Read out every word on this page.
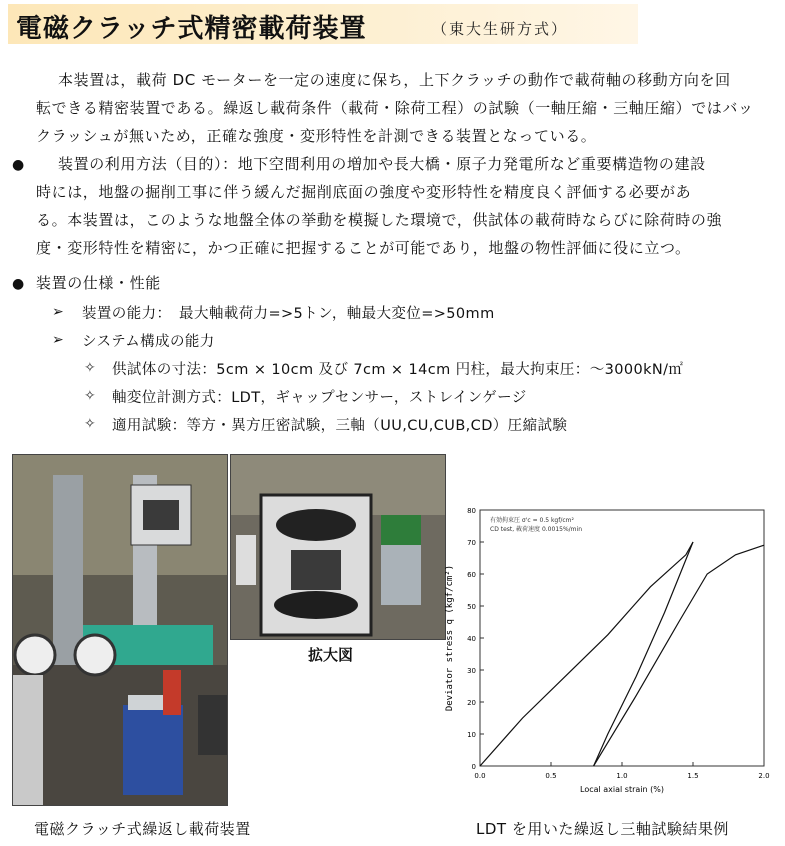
電磁クラッチ式精密載荷装置	（東大生研方式）
本装置は，載荷 DC モーターを一定の速度に保ち，上下クラッチの動作で載荷軸の移動方向を回
転できる精密装置である。繰返し載荷条件（載荷・除荷工程）の試験（一軸圧縮・三軸圧縮）ではバッ
クラッシュが無いため，正確な強度・変形特性を計測できる装置となっている。
● 装置の利用方法（目的）：地下空間利用の増加や長大橋・原子力発電所など重要構造物の建設
時には，地盤の掘削工事に伴う緩んだ掘削底面の強度や変形特性を精度良く評価する必要があ
る。本装置は，このような地盤全体の挙動を模擬した環境で，供試体の載荷時ならびに除荷時の強
度・変形特性を精密に，かつ正確に把握することが可能であり，地盤の物性評価に役に立つ。
● 装置の仕様・性能
➢ 装置の能力：　最大軸載荷力=>5トン，軸最大変位=>50mm
➢ システム構成の能力
✧ 供試体の寸法：5cm × 10cm 及び 7cm × 14cm 円柱，最大拘束圧：～3000kN/㎡
✧ 軸変位計測方式：LDT，ギャップセンサー，ストレインゲージ
✧ 適用試験：等方・異方圧密試験，三軸（UU,CU,CUB,CD）圧縮試験
拡大図
0.0	0.5	1.0	1.5	2.0
0
10
20
30
40
50
60
70
80
Local axial strain (%)
Deviator stress q (kgf/cm²)
有効拘束圧 σ'c = 0.5 kgf/cm²
CD test, 載荷速度 0.0015%/min
電磁クラッチ式繰返し載荷装置	LDT を用いた繰返し三軸試験結果例
